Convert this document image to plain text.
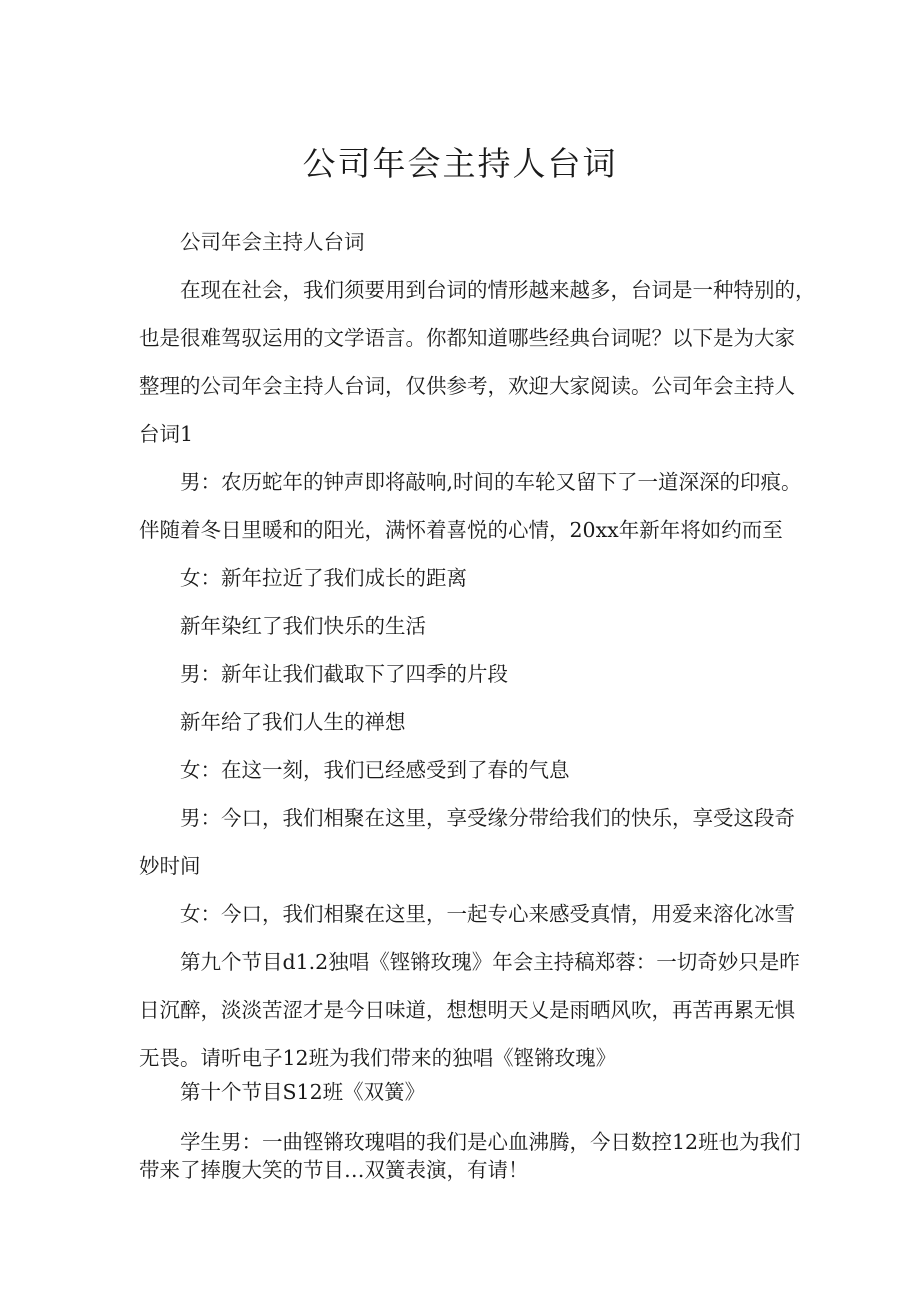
公司年会主持人台词

公司年会主持人台词

在现在社会，我们须要用到台词的情形越来越多，台词是一种特别的，

也是很难驾驭运用的文学语言。你都知道哪些经典台词呢？以下是为大家

整理的公司年会主持人台词，仅供参考，欢迎大家阅读。公司年会主持人

台词1

男：农历蛇年的钟声即将敲响,时间的车轮又留下了一道深深的印痕。

伴随着冬日里暖和的阳光，满怀着喜悦的心情，20xx年新年将如约而至

女：新年拉近了我们成长的距离

新年染红了我们快乐的生活

男：新年让我们截取下了四季的片段

新年给了我们人生的禅想

女：在这一刻，我们已经感受到了春的气息

男：今口，我们相聚在这里，享受缘分带给我们的快乐，享受这段奇

妙时间

女：今口，我们相聚在这里，一起专心来感受真情，用爱来溶化冰雪

第九个节目d1.2独唱《铿锵玫瑰》年会主持稿郑蓉：一切奇妙只是昨

日沉醉，淡淡苦涩才是今日味道，想想明天乂是雨晒风吹，再苦再累无惧

无畏。请听电子12班为我们带来的独唱《铿锵玫瑰》

第十个节目S12班《双簧》

学生男：一曲铿锵玫瑰唱的我们是心血沸腾，今日数控12班也为我们

带来了捧腹大笑的节目…双簧表演，有请！
